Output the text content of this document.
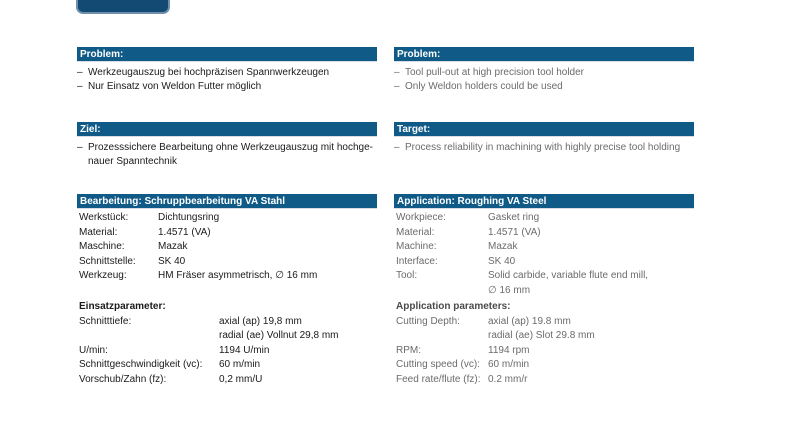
Problem:
– Werkzeugauszug bei hochpräzisen Spannwerkzeugen
– Nur Einsatz von Weldon Futter möglich
Ziel:
– Prozesssichere Bearbeitung ohne Werkzeugauszug mit hochge-
nauer Spanntechnik
Bearbeitung: Schruppbearbeitung VA Stahl
Werkstück:	Dichtungsring
Material:	1.4571 (VA)
Maschine:	Mazak
Schnittstelle:	SK 40
Werkzeug:	HM Fräser asymmetrisch, ∅ 16 mm
Einsatzparameter:
Schnitttiefe:	axial (ap) 19,8 mm
radial (ae) Vollnut 29,8 mm
U/min:	1194 U/min
Schnittgeschwindigkeit (vc):	60 m/min
Vorschub/Zahn (fz):	0,2 mm/U
Problem:
– Tool pull-out at high precision tool holder
– Only Weldon holders could be used
Target:
– Process reliability in machining with highly precise tool holding
Application: Roughing VA Steel
Workpiece:	Gasket ring
Material:	1.4571 (VA)
Machine:	Mazak
Interface:	SK 40
Tool:	Solid carbide, variable flute end mill,
∅ 16 mm
Application parameters:
Cutting Depth:	axial (ap) 19.8 mm
radial (ae) Slot 29.8 mm
RPM:	1194 rpm
Cutting speed (vc): 60 m/min
Feed rate/flute (fz): 0.2 mm/r
